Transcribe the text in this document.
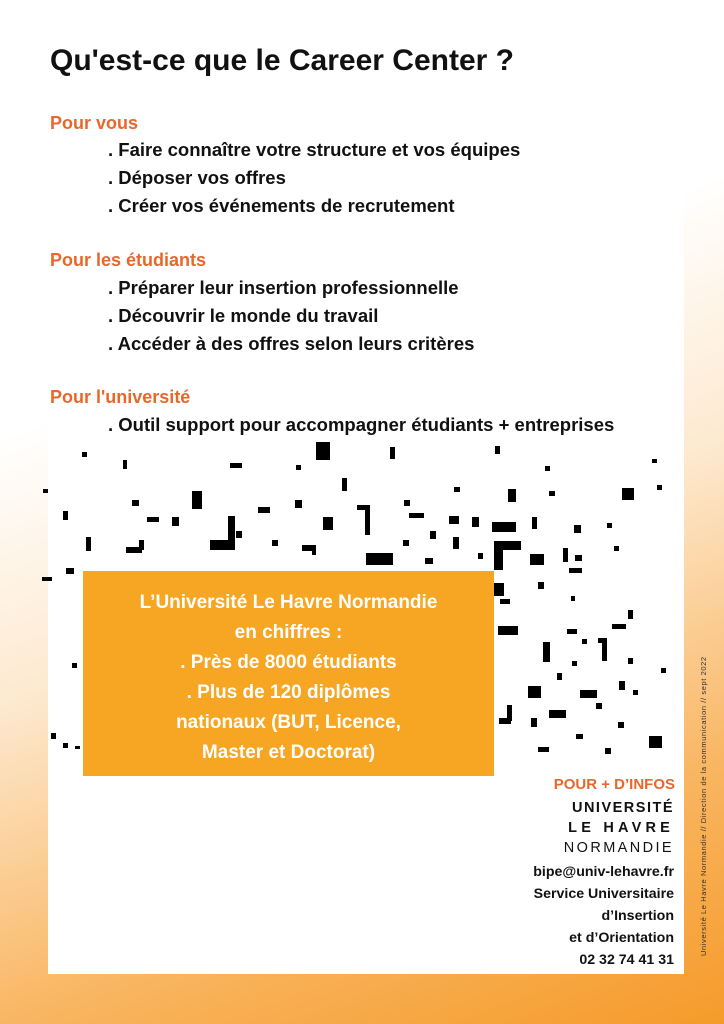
Qu'est-ce que le Career Center ?
Pour vous
. Faire connaître votre structure et vos équipes
. Déposer vos offres
. Créer vos événements de recrutement
Pour les étudiants
. Préparer leur insertion professionnelle
. Découvrir le monde du travail
. Accéder à des offres selon leurs critères
Pour l'université
. Outil support pour accompagner étudiants + entreprises
L’Université Le Havre Normandie
en chiffres :
. Près de 8000 étudiants
. Plus de 120 diplômes
nationaux (BUT, Licence,
Master et Doctorat)
POUR + D’INFOS
UNIVERSITÉ
LE HAVRE
NORMANDIE
bipe@univ-lehavre.fr
Service Universitaire
d’Insertion
et d’Orientation
02 32 74 41 31
Université Le Havre Normandie // Direction de la communication // sept 2022
